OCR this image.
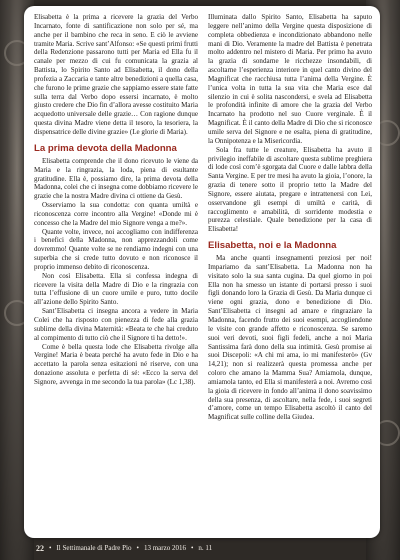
Elisabetta è la prima a ricevere la grazia del Verbo Incarnato, fonte di santificazione non solo per sé, ma anche per il bambino che reca in seno. E ciò le avviene tramite Maria. Scrive sant’Alfonso: «Se questi primi frutti della Redenzione passarono tutti per Maria ed Ella fu il canale per mezzo di cui fu comunicata la grazia al Battista, lo Spirito Santo ad Elisabetta, il dono della profezia a Zaccaria e tante altre benedizioni a quella casa, che furono le prime grazie che sappiamo essere state fatte sulla terra dal Verbo dopo essersi incarnato, è molto giusto credere che Dio fin d’allora avesse costituito Maria acquedotto universale delle grazie… Con ragione dunque questa divina Madre viene detta il tesoro, la tesoriera, la dispensatrice delle divine grazie» (Le glorie di Maria).

La prima devota della Madonna

Elisabetta comprende che il dono ricevuto le viene da Maria e la ringrazia, la loda, piena di esultante gratitudine. Ella è, possiamo dire, la prima devota della Madonna, colei che ci insegna come dobbiamo ricevere le grazie che la nostra Madre divina ci ottiene da Gesù.

Osserviamo la sua condotta: con quanta umiltà e riconoscenza corre incontro alla Vergine! «Donde mi è concesso che la Madre del mio Signore venga a me?».

Quante volte, invece, noi accogliamo con indifferenza i benefici della Madonna, non apprezzandoli come dovremmo! Quante volte se ne rendiamo indegni con una superbia che si crede tutto dovuto e non riconosce il proprio immenso debito di riconoscenza.

Non così Elisabetta. Ella si confessa indegna di ricevere la visita della Madre di Dio e la ringrazia con tutta l’effusione di un cuore umile e puro, tutto docile all’azione dello Spirito Santo.

Sant’Elisabetta ci insegna ancora a vedere in Maria Colei che ha risposto con pienezza di fede alla grazia sublime della divina Maternità: «Beata te che hai creduto al compimento di tutto ciò che il Signore ti ha detto!».

Come è bella questa lode che Elisabetta rivolge alla Vergine! Maria è beata perché ha avuto fede in Dio e ha accettato la parola senza esitazioni né riserve, con una donazione assoluta e perfetta di sé: «Ecco la serva del Signore, avvenga in me secondo la tua parola» (Lc 1,38).

Illuminata dallo Spirito Santo, Elisabetta ha saputo leggere nell’animo della Vergine questa disposizione di completa obbedienza e incondizionato abbandono nelle mani di Dio. Veramente la madre del Battista è penetrata molto addentro nel mistero di Maria. Per primo ha avuto la grazia di sondarne le ricchezze insondabili, di ascoltarne l’esperienza interiore in quel canto divino del Magnificat che racchiusa tutta l’anima della Vergine. È l’unica volta in tutta la sua vita che Maria esce dal silenzio in cui è solita nascondersi, e svela ad Elisabetta le profondità infinite di amore che la grazia del Verbo Incarnato ha prodotto nel suo Cuore verginale. È il Magnificat. È il canto della Madre di Dio che si riconosce umile serva del Signore e ne esalta, piena di gratitudine, la Onnipotenza e la Misericordia.

Sola fra tutte le creature, Elisabetta ha avuto il privilegio ineffabile di ascoltare questa sublime preghiera di lode così com’è sgorgata dal Cuore e dalle labbra della Santa Vergine. E per tre mesi ha avuto la gioia, l’onore, la grazia di tenere sotto il proprio tetto la Madre del Signore, essere aiutata, pregare e intrattenersi con Lei, osservandone gli esempi di umiltà e carità, di raccoglimento e amabilità, di sorridente modestia e purezza celestiale. Quale benedizione per la casa di Elisabetta!

Elisabetta, noi e la Madonna

Ma anche quanti insegnamenti preziosi per noi! Impariamo da sant’Elisabetta. La Madonna non ha visitato solo la sua santa cugina. Da quel giorno in poi Ella non ha smesso un istante di portarsi presso i suoi figli donando loro la Grazia di Gesù. Da Maria dunque ci viene ogni grazia, dono e benedizione di Dio. Sant’Elisabetta ci insegni ad amare e ringraziare la Madonna, facendo frutto dei suoi esempi, accogliendone le visite con grande affetto e riconoscenza. Se saremo suoi veri devoti, suoi figli fedeli, anche a noi Maria Santissima farà dono della sua intimità. Gesù promise ai suoi Discepoli: «A chi mi ama, io mi manifesterò» (Gv 14,21); non si realizzerà questa promessa anche per coloro che amano la Mamma Sua? Amiamola, dunque, amiamola tanto, ed Ella si manifesterà a noi. Avremo così la gioia di ricevere in fondo all’anima il dono soavissimo della sua presenza, di ascoltare, nella fede, i suoi segreti d’amore, come un tempo Elisabetta ascoltò il canto del Magnificat sulle colline della Giudea.

22 • Il Settimanale di Padre Pio • 13 marzo 2016 • n. 11
